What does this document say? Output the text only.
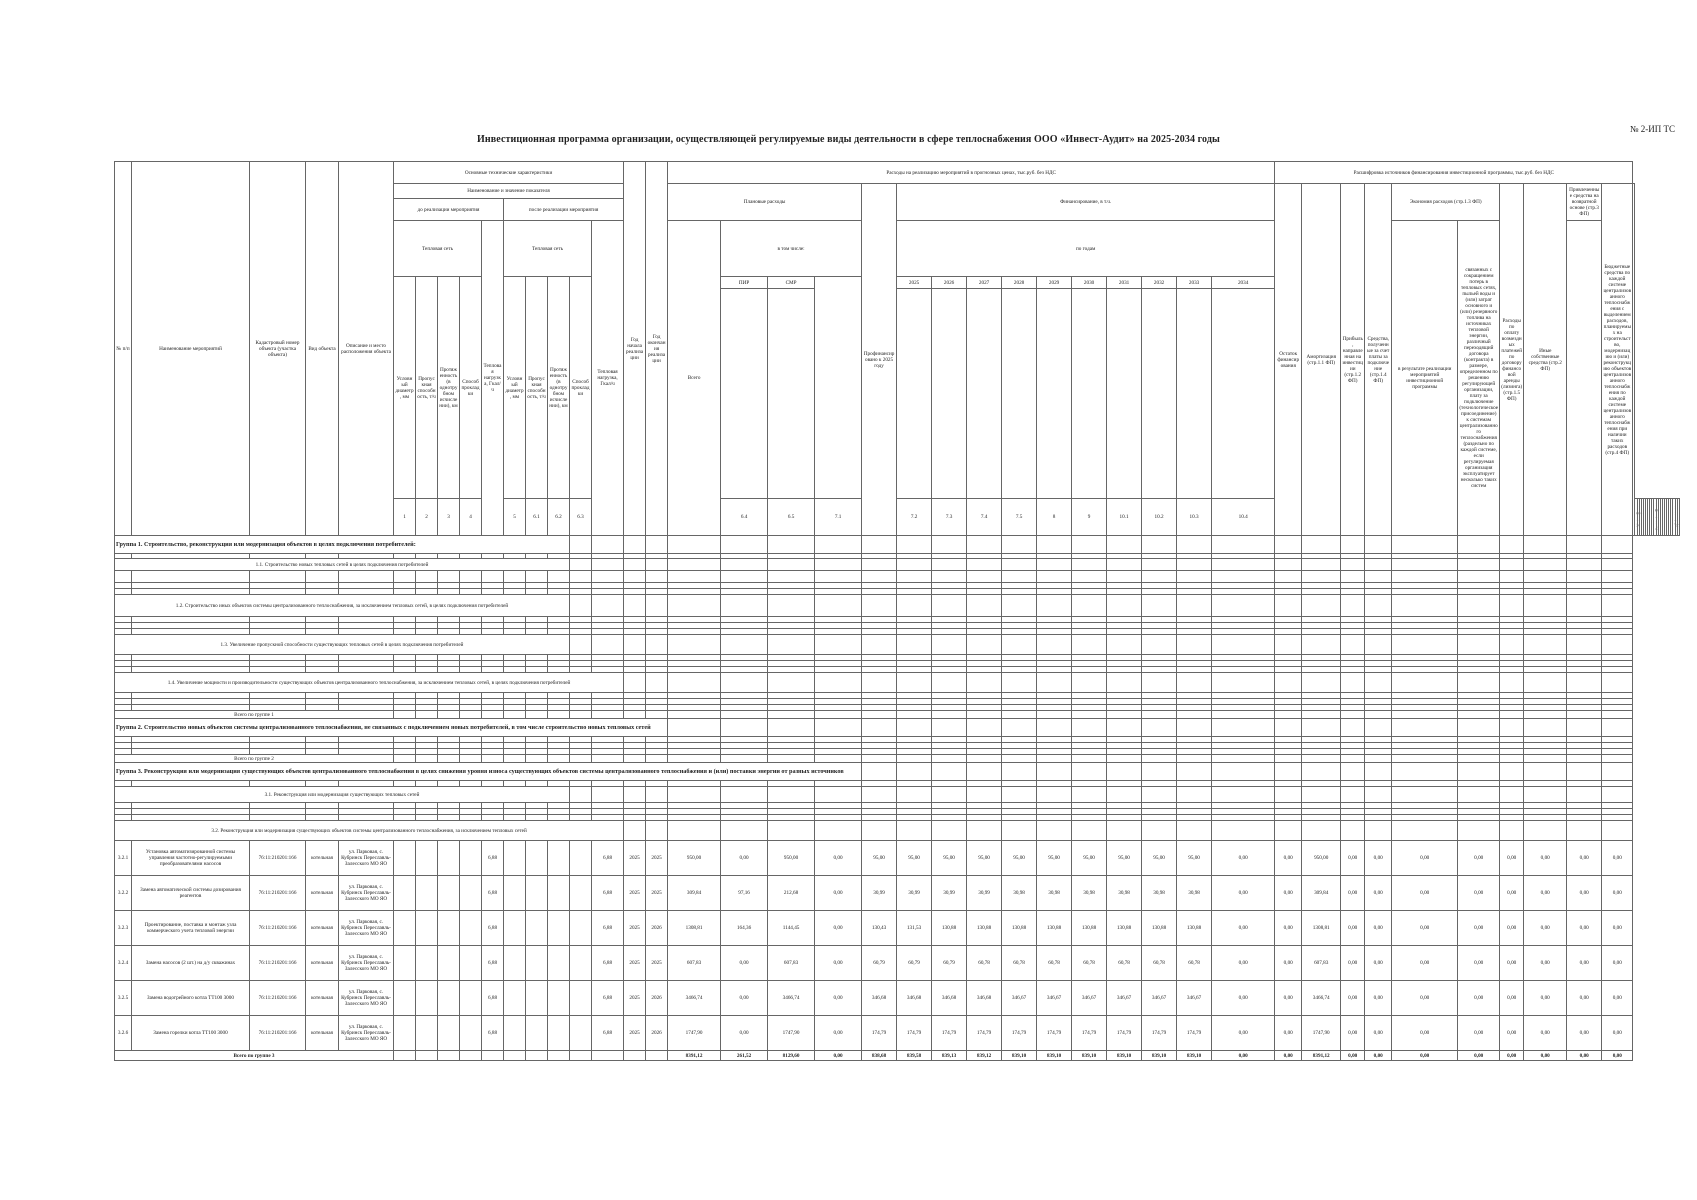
№ 2-ИП ТС
Инвестиционная программа организации, осуществляющей регулируемые виды деятельности в сфере теплоснабжения ООО «Инвест-Аудит» на 2025-2034 годы
№ п/п	Наименование мероприятий	Кадастровый номер объекта (участка объекта)	Вид объекта	Описание и место расположения объекта	Основные технические характеристики										Год начала реализации	Год окончания реализации	Расходы на реализацию мероприятий в прогнозных ценах, тыс.руб. без НДС															Расшифровка источников финансирования инвестиционной программы, тыс.руб. без НДС																															
					Наименование и значение показателя												Плановые расходы				Профинансировано к 2025 году	Финансирование, в т.ч.										Остаток финансирования	Амортизация (стр.1.1 ФП)	Прибыль, направленная на инвестиции (стр.1.2 ФП)	Средства, полученные за счет платы за подключение (стр.1.4 ФП)	Экономия расходов (стр.1.3 ФП)		Расходы по оплату возмездных платежей по договору финансовой аренды (лизинга) (стр.1.5 ФП)	Иные собственные средства (стр.2 ФП)	Привлеченные средства на возвратной основе (стр.3 ФП)	Бюджетные средства по каждой системе централизованного теплоснабжения с выделением расходов, планируемых на строительство, модернизацию и (или) реконструкцию объектов централизованного теплоснабжения по каждой системе централизованного теплоснабжения при наличии таких расходов (стр.4 ФП)	
					до реализации мероприятия					после реализации мероприятия																																																					
					Тепловая сеть				Тепловая нагрузка, Гкал/ч	Тепловая сеть				Тепловая нагрузка, Гкал/ч			Всего	в том числе:				по годам														в результате реализации мероприятий инвестиционной программы	связанных с сокращением потерь в тепловых сетях, пыльей воды и (или) затрат основного и (или) резервного топлива на источниках тепловой энергии, различный переходящий договора (контракта) в размере, определенном по решению регулирующей организации, плату за подключение (технологическое присоединение) к системам централизованного теплоснабжения (раздельно по каждой системе, если регулируемая организация эксплуатирует несколько таких систем																										
					Условный диаметр, мм	Пропускная способность, т/ч	Протяженность (в однотрубном исчислении), км	Способ прокладки		Условный диаметр, мм	Пропускная способность, т/ч	Протяженность (в однотрубном исчислении), км	Способ прокладки					ПИР	СМР			2025	2026	2027	2028	2029	2030	2031	2032	2033	2034																																

					1	2	3	4		5	6.1	6.2	6.3					6.4	6.5	7.1		7.2	7.3	7.4	7.5	8	9	10.1	10.2	10.3	10.4																					
Группа 1. Строительство, реконструкция или модернизация объектов в целях подключения потребителей:																																																															

1.1. Строительство новых тепловых сетей в целях подключения потребителей																																																															

1.2. Строительство иных объектов системы централизованного теплоснабжения, за исключением тепловых сетей, в целях подключения потребителей																																																															

1.3. Увеличение пропускной способности существующих тепловых сетей в целях подключения потребителей																																																															

1.4. Увеличение мощности и производительности существующих объектов централизованного теплоснабжения, за исключением тепловых сетей, в целях подключения потребителей																																																															

Всего по группе 1																																																															
Группа 2. Строительство новых объектов системы централизованного теплоснабжения, не связанных с подключением новых потребителей, в том числе строительство новых тепловых сетей																																																															

Всего по группе 2																																																															
Группа 3. Реконструкция или модернизация существующих объектов централизованного теплоснабжения в целях снижения уровня износа существующих объектов системы централизованного теплоснабжения и (или) поставки энергии от разных источников																																																															

3.1. Реконструкция или модернизация существующих тепловых сетей																																																															

3.2. Реконструкция или модернизация существующих объектов системы централизованного теплоснабжения, за исключением тепловых сетей																																																															
3.2.1	Установка автоматизированной системы управления частотно-регулируемыми преобразователями насосов	76:11:210201:166	котельная	ул. Парковая, с. Кубринск Переславль-Залесского МО ЯО					6,88					6,88	2025	2025	950,00	0,00	950,00	0,00	95,00	95,00	95,00	95,00	95,00	95,00	95,00	95,00	95,00	95,00	0,00	0,00	950,00	0,00	0,00	0,00	0,00	0,00	0,00	0,00	0,00																						
3.2.2	Замена автоматической системы дозирования реагентов	76:11:210201:166	котельная	ул. Парковая, с. Кубринск Переславль-Залесского МО ЯО					6,88					6,88	2025	2025	309,84	97,16	212,68	0,00	30,99	30,99	30,99	30,99	30,98	30,98	30,98	30,98	30,98	30,98	0,00	0,00	309,84	0,00	0,00	0,00	0,00	0,00	0,00	0,00	0,00																						
3.2.3	Проектирование, поставка и монтаж узла коммерческого учета тепловой энергии	76:11:210201:166	котельная	ул. Парковая, с. Кубринск Переславль-Залесского МО ЯО					6,88					6,88	2025	2026	1308,81	164,36	1144,45	0,00	130,43	131,53	130,88	130,88	130,88	130,88	130,88	130,88	130,88	130,88	0,00	0,00	1308,81	0,00	0,00	0,00	0,00	0,00	0,00	0,00	0,00																						
3.2.4	Замена насосов (2 шт.) на д/у скважинах	76:11:210201:166	котельная	ул. Парковая, с. Кубринск Переславль-Залесского МО ЯО					6,88					6,88	2025	2025	607,83	0,00	607,83	0,00	60,79	60,79	60,79	60,78	60,78	60,78	60,78	60,78	60,78	60,78	0,00	0,00	607,83	0,00	0,00	0,00	0,00	0,00	0,00	0,00	0,00																						
3.2.5	Замена водогрейного котла ТТ100 3000	76:11:210201:166	котельная	ул. Парковая, с. Кубринск Переславль-Залесского МО ЯО					6,88					6,88	2025	2026	3466,74	0,00	3466,74	0,00	346,68	346,68	346,68	346,68	346,67	346,67	346,67	346,67	346,67	346,67	0,00	0,00	3466,74	0,00	0,00	0,00	0,00	0,00	0,00	0,00	0,00																						
3.2.6	Замена горелки котла ТТ100 3000	76:11:210201:166	котельная	ул. Парковая, с. Кубринск Переславль-Залесского МО ЯО					6,88					6,88	2025	2026	1747,90	0,00	1747,90	0,00	174,79	174,79	174,79	174,79	174,79	174,79	174,79	174,79	174,79	174,79	0,00	0,00	1747,90	0,00	0,00	0,00	0,00	0,00	0,00	0,00	0,00																						
Всего по группе 3																	8391,12	261,52	8129,60	0,00	838,68	839,58	839,13	839,12	839,10	839,10	839,10	839,10	839,10	839,10	0,00	0,00	8391,12	0,00	0,00	0,00	0,00	0,00	0,00	0,00	0,00																						
